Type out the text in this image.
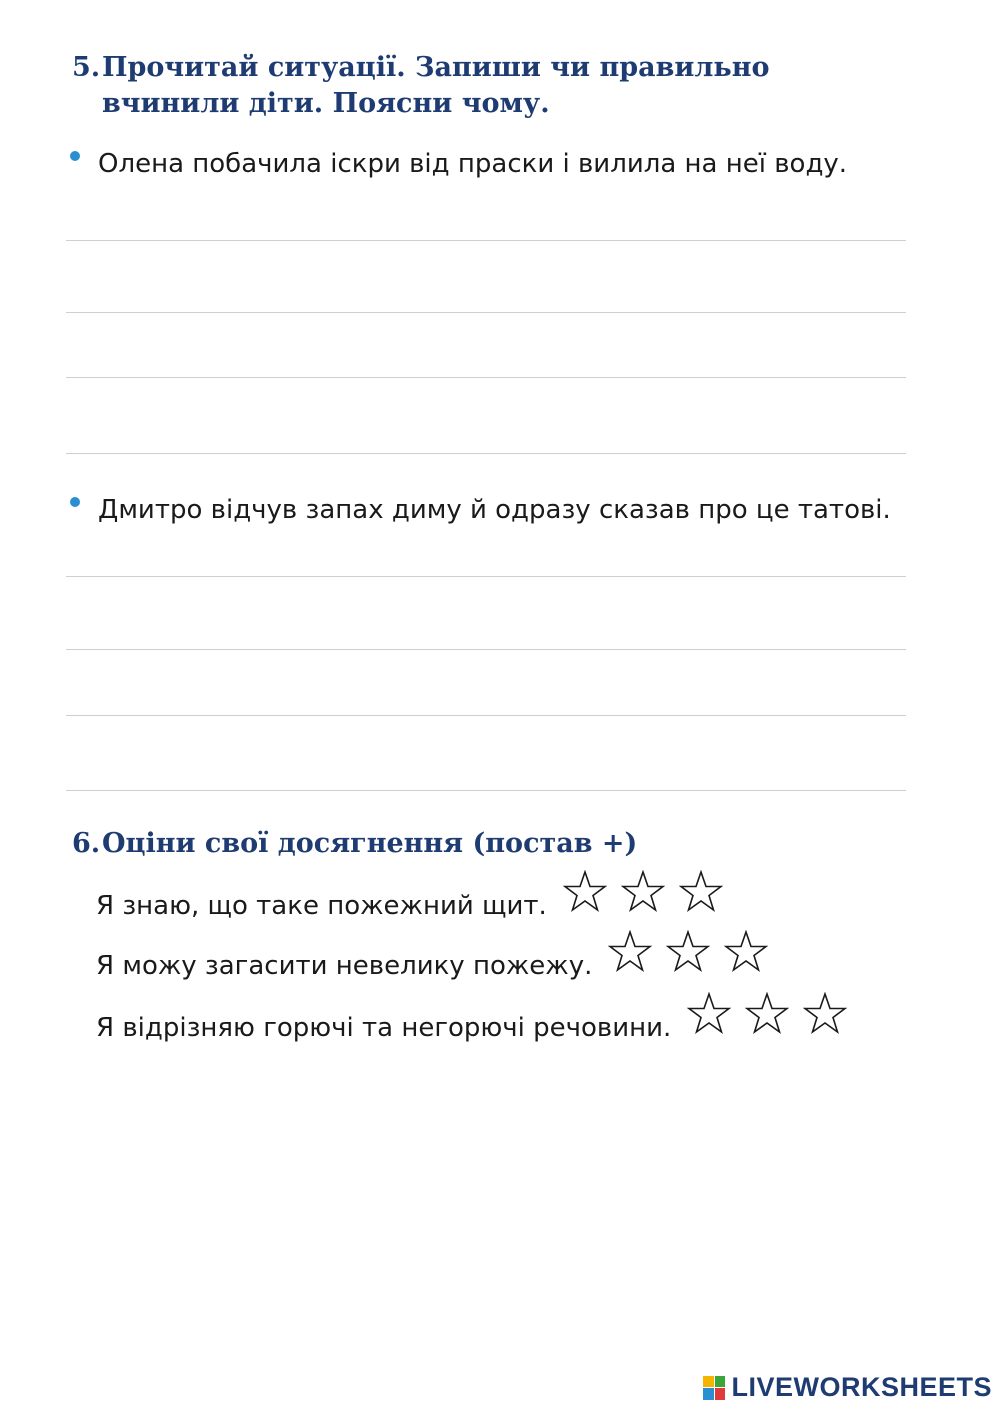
5.Прочитай ситуації. Запиши чи правильно
вчинили діти. Поясни чому.
Олена побачила іскри від праски і вилила на неї воду.
Дмитро відчув запах диму й одразу сказав про це татові.
6.Оціни свої досягнення (постав +)
Я знаю, що таке пожежний щит.
Я можу загасити невелику пожежу.
Я відрізняю горючі та негорючі речовини.
LIVEWORKSHEETS
